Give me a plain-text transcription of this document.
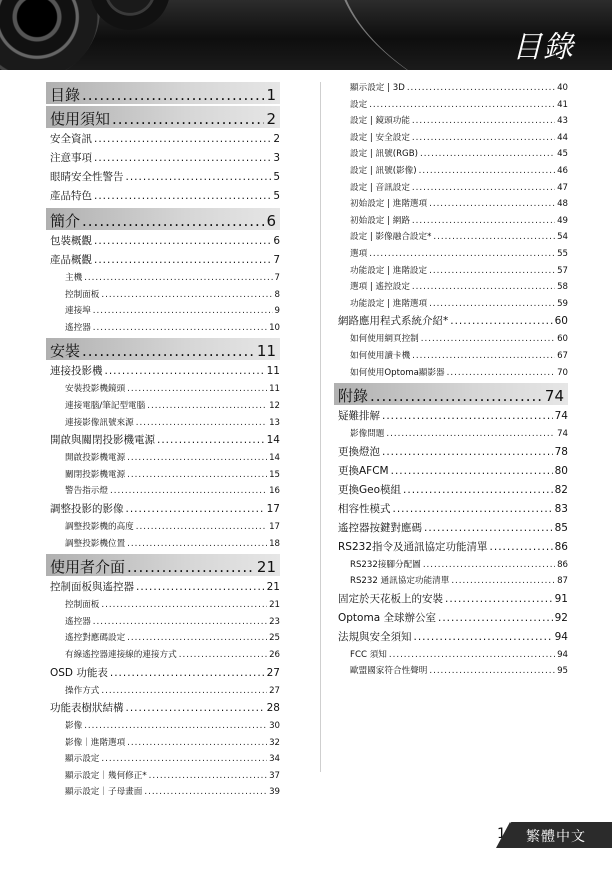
目錄
目錄 .....	1
使用須知 .....	2
安全資訊 .....	2
注意事項 .....	3
眼睛安全性警告 .....	5
產品特色 .....	5
簡介 .....	6
包裝概觀 .....	6
產品概觀 .....	7
主機 .....	7
控制面板 .....	8
連接埠 .....	9
遙控器 .....	10
安裝 .....	11
連接投影機 .....	11
安裝投影機鏡頭 .....	11
連接電腦/筆記型電腦 .....	12
連接影像訊號來源 .....	13
開啟與關閉投影機電源 .....	14
開啟投影機電源 .....	14
關閉投影機電源 .....	15
警告指示燈 .....	16
調整投影的影像 .....	17
調整投影機的高度 .....	17
調整投影機位置 .....	18
使用者介面 .....	21
控制面板與遙控器 .....	21
控制面板 .....	21
遙控器 .....	23
遙控對應碼設定 .....	25
有線遙控器連接線的連接方式 .....	26
OSD 功能表 .....	27
操作方式 .....	27
功能表樹狀結構 .....	28
影像 .....	30
影像｜進階選項 .....	32
顯示設定 .....	34
顯示設定｜幾何修正* .....	37
顯示設定｜子母畫面 .....	39
顯示設定 | 3D .....	40
設定 .....	41
設定 | 鏡頭功能 .....	43
設定 | 安全設定 .....	44
設定 | 訊號(RGB) .....	45
設定 | 訊號(影像) .....	46
設定 | 音訊設定 .....	47
初始設定 | 進階選項 .....	48
初始設定 | 網路 .....	49
設定 | 影像融合設定* .....	54
選項 .....	55
功能設定 | 進階設定 .....	57
選項 | 遙控設定 .....	58
功能設定 | 進階選項 .....	59
網路應用程式系統介紹* .....	60
如何使用網頁控制 .....	60
如何使用讀卡機 .....	67
如何使用Optoma顯影器 .....	70
附錄 .....	74
疑難排解 .....	74
影像問題 .....	74
更換燈泡 .....	78
更換AFCM .....	80
更換Geo模組 .....	82
相容性模式 .....	83
遙控器按鍵對應碼 .....	85
RS232指令及通訊協定功能清單 .....	86
RS232接腳分配圖 .....	86
RS232 通訊協定功能清單 .....	87
固定於天花板上的安裝 .....	91
Optoma 全球辦公室 .....	92
法規與安全須知 .....	94
FCC 須知 .....	94
歐盟國家符合性聲明 .....	95
繁體中文
